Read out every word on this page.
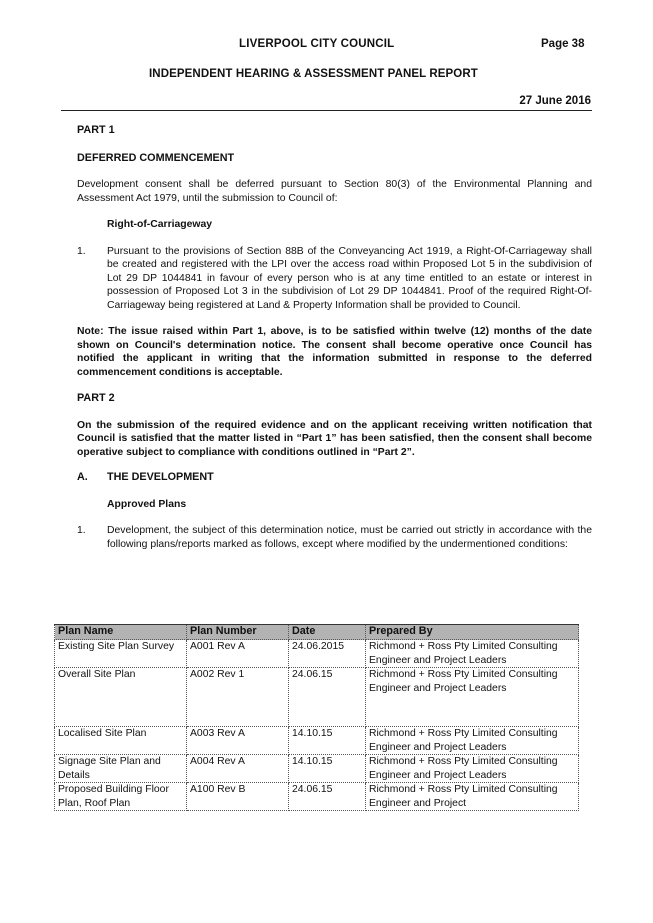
LIVERPOOL CITY COUNCIL	Page 38
INDEPENDENT HEARING & ASSESSMENT PANEL REPORT
27 June 2016

PART 1

DEFERRED COMMENCEMENT

Development consent shall be deferred pursuant to Section 80(3) of the Environmental Planning and Assessment Act 1979, until the submission to Council of:

Right-of-Carriageway

1.	Pursuant to the provisions of Section 88B of the Conveyancing Act 1919, a Right-Of-Carriageway shall be created and registered with the LPI over the access road within Proposed Lot 5 in the subdivision of Lot 29 DP 1044841 in favour of every person who is at any time entitled to an estate or interest in possession of Proposed Lot 3 in the subdivision of Lot 29 DP 1044841. Proof of the required Right-Of-Carriageway being registered at Land & Property Information shall be provided to Council.

Note: The issue raised within Part 1, above, is to be satisfied within twelve (12) months of the date shown on Council's determination notice. The consent shall become operative once Council has notified the applicant in writing that the information submitted in response to the deferred commencement conditions is acceptable.

PART 2

On the submission of the required evidence and on the applicant receiving written notification that Council is satisfied that the matter listed in “Part 1” has been satisfied, then the consent shall become operative subject to compliance with conditions outlined in “Part 2”.

A.	THE DEVELOPMENT

Approved Plans

1.	Development, the subject of this determination notice, must be carried out strictly in accordance with the following plans/reports marked as follows, except where modified by the undermentioned conditions:
Plan Name	Plan Number	Date	Prepared By
Existing Site Plan Survey	A001 Rev A	24.06.2015	Richmond + Ross Pty Limited Consulting Engineer and Project Leaders
Overall Site Plan	A002 Rev 1	24.06.15	Richmond + Ross Pty Limited Consulting Engineer and Project Leaders
Localised Site Plan	A003 Rev A	14.10.15	Richmond + Ross Pty Limited Consulting Engineer and Project Leaders
Signage Site Plan and Details	A004 Rev A	14.10.15	Richmond + Ross Pty Limited Consulting Engineer and Project Leaders
Proposed Building Floor Plan, Roof Plan	A100 Rev B	24.06.15	Richmond + Ross Pty Limited Consulting Engineer and Project
